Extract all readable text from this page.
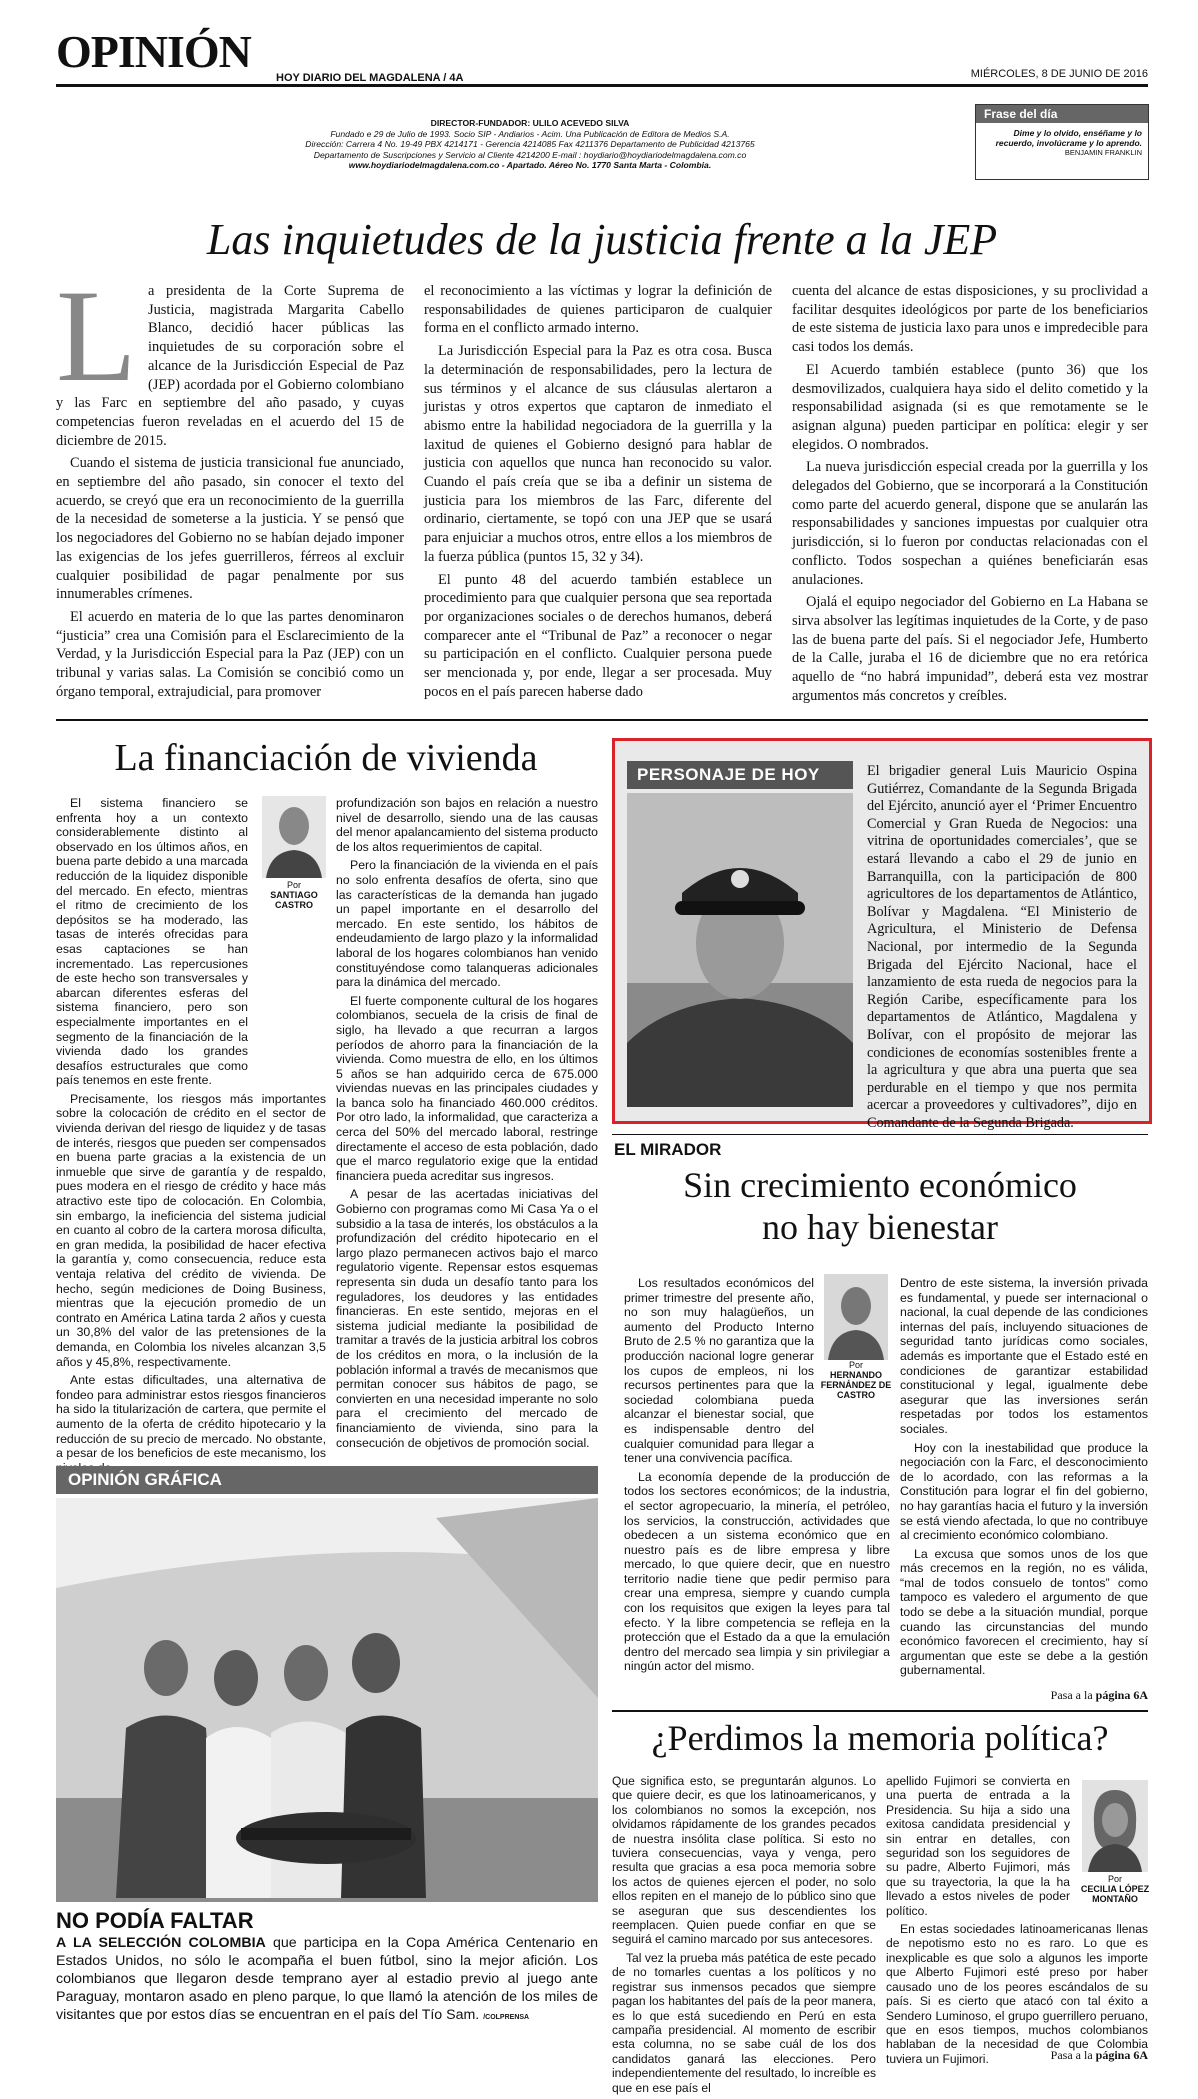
OPINIÓN
HOY DIARIO DEL MAGDALENA / 4A	MIÉRCOLES, 8 DE JUNIO DE 2016
DIRECTOR-FUNDADOR: ULILO ACEVEDO SILVA
Fundado e 29 de Julio de 1993. Socio SIP - Andiarios - Acim. Una Publicación de Editora de Medios S.A.
Dirección: Carrera 4 No. 19-49 PBX 4214171 - Gerencia 4214085 Fax 4211376 Departamento de Publicidad 4213765
Departamento de Suscripciones y Servicio al Cliente 4214200 E-mail : hoydiario@hoydiariodelmagdalena.com.co
www.hoydiariodelmagdalena.com.co - Apartado. Aéreo No. 1770 Santa Marta - Colombia.
Frase del día
Dime y lo olvido, enséñame y lo recuerdo, involúcrame y lo aprendo.
BENJAMIN FRANKLIN
Las inquietudes de la justicia frente a la JEP
L a presidenta de la Corte Suprema de Justicia, magistrada Margarita Cabello Blanco, decidió hacer públicas las inquietudes de su corporación sobre el alcance de la Jurisdicción Especial de Paz (JEP) acordada por el Gobierno colombiano y las Farc en septiembre del año pasado, y cuyas competencias fueron reveladas en el acuerdo del 15 de diciembre de 2015.

Cuando el sistema de justicia transicional fue anunciado, en septiembre del año pasado, sin conocer el texto del acuerdo, se creyó que era un reconocimiento de la guerrilla de la necesidad de someterse a la justicia. Y se pensó que los negociadores del Gobierno no se habían dejado imponer las exigencias de los jefes guerrilleros, férreos al excluir cualquier posibilidad de pagar penalmente por sus innumerables crímenes.

El acuerdo en materia de lo que las partes denominaron “justicia” crea una Comisión para el Esclarecimiento de la Verdad, y la Jurisdicción Especial para la Paz (JEP) con un tribunal y varias salas. La Comisión se concibió como un órgano temporal, extrajudicial, para promover

el reconocimiento a las víctimas y lograr la definición de responsabilidades de quienes participaron de cualquier forma en el conflicto armado interno.

La Jurisdicción Especial para la Paz es otra cosa. Busca la determinación de responsabilidades, pero la lectura de sus términos y el alcance de sus cláusulas alertaron a juristas y otros expertos que captaron de inmediato el abismo entre la habilidad negociadora de la guerrilla y la laxitud de quienes el Gobierno designó para hablar de justicia con aquellos que nunca han reconocido su valor. Cuando el país creía que se iba a definir un sistema de justicia para los miembros de las Farc, diferente del ordinario, ciertamente, se topó con una JEP que se usará para enjuiciar a muchos otros, entre ellos a los miembros de la fuerza pública (puntos 15, 32 y 34).

El punto 48 del acuerdo también establece un procedimiento para que cualquier persona que sea reportada por organizaciones sociales o de derechos humanos, deberá comparecer ante el “Tribunal de Paz” a reconocer o negar su participación en el conflicto. Cualquier persona puede ser mencionada y, por ende, llegar a ser procesada. Muy pocos en el país parecen haberse dado

cuenta del alcance de estas disposiciones, y su proclividad a facilitar desquites ideológicos por parte de los beneficiarios de este sistema de justicia laxo para unos e impredecible para casi todos los demás.

El Acuerdo también establece (punto 36) que los desmovilizados, cualquiera haya sido el delito cometido y la responsabilidad asignada (si es que remotamente se le asignan alguna) pueden participar en política: elegir y ser elegidos. O nombrados.

La nueva jurisdicción especial creada por la guerrilla y los delegados del Gobierno, que se incorporará a la Constitución como parte del acuerdo general, dispone que se anularán las responsabilidades y sanciones impuestas por cualquier otra jurisdicción, si lo fueron por conductas relacionadas con el conflicto. Todos sospechan a quiénes beneficiarán esas anulaciones.

Ojalá el equipo negociador del Gobierno en La Habana se sirva absolver las legítimas inquietudes de la Corte, y de paso las de buena parte del país. Si el negociador Jefe, Humberto de la Calle, juraba el 16 de diciembre que no era retórica aquello de “no habrá impunidad”, deberá esta vez mostrar argumentos más concretos y creíbles.

La financiación de vivienda
Por
SANTIAGO CASTRO

El sistema financiero se enfrenta hoy a un contexto considerablemente distinto al observado en los últimos años, en buena parte debido a una marcada reducción de la liquidez disponible del mercado. En efecto, mientras el ritmo de crecimiento de los depósitos se ha moderado, las tasas de interés ofrecidas para esas captaciones se han incrementado. Las repercusiones de este hecho son transversales y abarcan diferentes esferas del sistema financiero, pero son especialmente importantes en el segmento de la financiación de la vivienda dado los grandes desafíos estructurales que como país tenemos en este frente.

Precisamente, los riesgos más importantes sobre la colocación de crédito en el sector de vivienda derivan del riesgo de liquidez y de tasas de interés, riesgos que pueden ser compensados en buena parte gracias a la existencia de un inmueble que sirve de garantía y de respaldo, pues modera en el riesgo de crédito y hace más atractivo este tipo de colocación. En Colombia, sin embargo, la ineficiencia del sistema judicial en cuanto al cobro de la cartera morosa dificulta, en gran medida, la posibilidad de hacer efectiva la garantía y, como consecuencia, reduce esta ventaja relativa del crédito de vivienda. De hecho, según mediciones de Doing Business, mientras que la ejecución promedio de un contrato en América Latina tarda 2 años y cuesta un 30,8% del valor de las pretensiones de la demanda, en Colombia los niveles alcanzan 3,5 años y 45,8%, respectivamente.

Ante estas dificultades, una alternativa de fondeo para administrar estos riesgos financieros ha sido la titularización de cartera, que permite el aumento de la oferta de crédito hipotecario y la reducción de su precio de mercado. No obstante, a pesar de los beneficios de este mecanismo, los

profundización son bajos en relación a nuestro nivel de desarrollo, siendo una de las causas del menor apalancamiento del sistema producto de los altos requerimientos de capital.

Pero la financiación de la vivienda en el país no solo enfrenta desafíos de oferta, sino que las características de la demanda han jugado un papel importante en el desarrollo del mercado. En este sentido, los hábitos de endeudamiento de largo plazo y la informalidad laboral de los hogares colombianos han venido constituyéndose como talanqueras adicionales para la dinámica del mercado.

El fuerte componente cultural de los hogares colombianos, secuela de la crisis de final de siglo, ha llevado a que recurran a largos períodos de ahorro para la financiación de la vivienda. Como muestra de ello, en los últimos 5 años se han adquirido cerca de 675.000 viviendas nuevas en las principales ciudades y la banca solo ha financiado 460.000 créditos. Por otro lado, la informalidad, que caracteriza a cerca del 50% del mercado laboral, restringe directamente el acceso de esta población, dado que el marco regulatorio exige que la entidad financiera pueda acreditar sus ingresos.

A pesar de las acertadas iniciativas del Gobierno con programas como Mi Casa Ya o el subsidio a la tasa de interés, los obstáculos a la profundización del crédito hipotecario en el largo plazo permanecen activos bajo el marco regulatorio vigente. Repensar estos esquemas representa sin duda un desafío tanto para los reguladores, los deudores y las entidades financieras. En este sentido, mejoras en el sistema judicial mediante la posibilidad de tramitar a través de la justicia arbitral los cobros de los créditos en mora, o la inclusión de la población informal a través de mecanismos que permitan conocer sus hábitos de pago, se convierten en una necesidad imperante no solo para el crecimiento del mercado de financiamiento de vivienda, sino para la consecución de objetivos de promoción social.

PERSONAJE DE HOY	El brigadier general Luis Mauricio Ospina Gutiérrez, Comandante de la Segunda Brigada del Ejército, anunció ayer el ‘Primer Encuentro Comercial y Gran Rueda de Negocios: una vitrina de oportunidades comerciales’, que se estará llevando a cabo el 29 de junio en Barranquilla, con la participación de 800 agricultores de los departamentos de Atlántico, Bolívar y Magdalena. “El Ministerio de Agricultura, el Ministerio de Defensa Nacional, por intermedio de la Segunda Brigada del Ejército Nacional, hace el lanzamiento de esta rueda de negocios para la Región Caribe, específicamente para los departamentos de Atlántico, Magdalena y Bolívar, con el propósito de mejorar las condiciones de economías sostenibles frente a la agricultura y que abra una puerta que sea perdurable en el tiempo y que nos permita acercar a proveedores y cultivadores”, dijo en Comandante de la Segunda Brigada.
EL MIRADOR
Sin crecimiento económico
no hay bienestar
Por
HERNANDO FERNÁNDEZ DE CASTRO

Los resultados económicos del primer trimestre del presente año, no son muy halagüeños, un aumento del Producto Interno Bruto de 2.5 % no garantiza que la producción nacional logre generar los cupos de empleos, ni los recursos pertinentes para que la sociedad colombiana pueda alcanzar el bienestar social, que es indispensable dentro del cualquier comunidad para llegar a tener una convivencia pacífica.

La economía depende de la producción de todos los sectores económicos; de la industria, el sector agropecuario, la minería, el petróleo, los servicios, la construcción, actividades que obedecen a un sistema económico que en nuestro país es de libre empresa y libre mercado, lo que quiere decir, que en nuestro territorio nadie tiene que pedir permiso para crear una empresa, siempre y cuando cumpla con los requisitos que exigen la leyes para tal efecto. Y la libre competencia se refleja en la protección que el Estado da a que la emulación dentro del mercado sea limpia y sin privilegiar a ningún actor del mismo.

Dentro de este sistema, la inversión privada es fundamental, y puede ser internacional o nacional, la cual depende de las condiciones internas del país, incluyendo situaciones de seguridad tanto jurídicas como sociales, además es importante que el Estado esté en condiciones de garantizar estabilidad constitucional y legal, igualmente debe asegurar que las inversiones serán respetadas por todos los estamentos sociales.

Hoy con la inestabilidad que produce la negociación con la Farc, el desconocimiento de lo acordado, con las reformas a la Constitución para lograr el fin del gobierno, no hay garantías hacia el futuro y la inversión se está viendo afectada, lo que no contribuye al crecimiento económico colombiano.

La excusa que somos unos de los que más crecemos en la región, no es válida, “mal de todos consuelo de tontos” como tampoco es valedero el argumento de que todo se debe a la situación mundial, porque cuando las circunstancias del mundo económico favorecen el crecimiento, hay sí argumentan que este se debe a la gestión gubernamental.

Pasa a la página 6A
OPINIÓN GRÁFICA
NO PODÍA FALTAR
A LA SELECCIÓN COLOMBIA que participa en la Copa América Centenario en Estados Unidos, no sólo le acompaña el buen fútbol, sino la mejor afición. Los colombianos que llegaron desde temprano ayer al estadio previo al juego ante Paraguay, montaron asado en pleno parque, lo que llamó la atención de los miles de visitantes que por estos días se encuentran en el país del Tío Sam. /COLPRENSA
¿Perdimos la memoria política?
Por
CECILIA LÓPEZ MONTAÑO

Que significa esto, se preguntarán algunos. Lo que quiere decir, es que los latinoamericanos, y los colombianos no somos la excepción, nos olvidamos rápidamente de los grandes pecados de nuestra insólita clase política. Si esto no tuviera consecuencias, vaya y venga, pero resulta que gracias a esa poca memoria sobre los actos de quienes ejercen el poder, no solo ellos repiten en el manejo de lo público sino que se aseguran que sus descendientes los reemplacen. Quien puede confiar en que se seguirá el camino marcado por sus antecesores.

Tal vez la prueba más patética de este pecado de no tomarles cuentas a los políticos y no registrar sus inmensos pecados que siempre pagan los habitantes del país de la peor manera, es lo que está sucediendo en Perú en esta campaña presidencial. Al momento de escribir esta columna, no se sabe cuál de los dos candidatos ganará las elecciones. Pero independientemente del resultado, lo increíble es que en ese país el

apellido Fujimori se convierta en una puerta de entrada a la Presidencia. Su hija a sido una exitosa candidata presidencial y sin entrar en detalles, con seguridad son los seguidores de su padre, Alberto Fujimori, más que su trayectoria, la que la ha llevado a estos niveles de poder político.

En estas sociedades latinoamericanas llenas de nepotismo esto no es raro. Lo que es inexplicable es que solo a algunos les importe que Alberto Fujimori esté preso por haber causado uno de los peores escándalos de su país. Si es cierto que atacó con tal éxito a Sendero Luminoso, el grupo guerrillero peruano, que en esos tiempos, muchos colombianos hablaban de la necesidad de que Colombia tuviera un Fujimori.	Pasa a la página 6A
